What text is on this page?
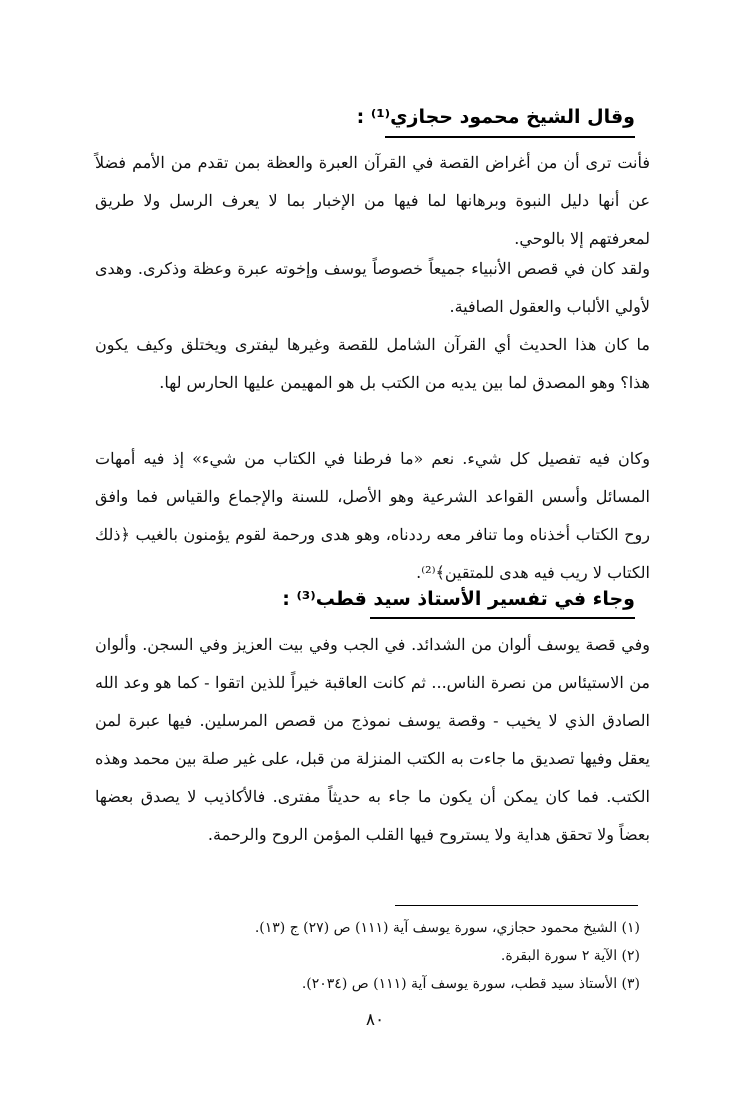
وقال الشيخ محمود حجازي⁽¹⁾ :

فأنت ترى أن من أغراض القصة في القرآن العبرة والعظة بمن تقدم من الأمم فضلاً عن أنها دليل النبوة وبرهانها لما فيها من الإخبار بما لا يعرف الرسل ولا طريق لمعرفتهم إلا بالوحي.

ولقد كان في قصص الأنبياء جميعاً خصوصاً يوسف وإخوته عبرة وعظة وذكرى. وهدى لأولي الألباب والعقول الصافية.

ما كان هذا الحديث أي القرآن الشامل للقصة وغيرها ليفترى ويختلق وكيف يكون هذا؟ وهو المصدق لما بين يديه من الكتب بل هو المهيمن عليها الحارس لها.

وكان فيه تفصيل كل شيء. نعم «ما فرطنا في الكتاب من شيء» إذ فيه أمهات المسائل وأسس القواعد الشرعية وهو الأصل، للسنة والإجماع والقياس فما وافق روح الكتاب أخذناه وما تنافر معه رددناه، وهو هدى ورحمة لقوم يؤمنون بالغيب ﴿ذلك الكتاب لا ريب فيه هدى للمتقين﴾⁽²⁾.

وجاء في تفسير الأستاذ سيد قطب⁽³⁾ :

وفي قصة يوسف ألوان من الشدائد. في الجب وفي بيت العزيز وفي السجن. وألوان من الاستيئاس من نصرة الناس... ثم كانت العاقبة خيراً للذين اتقوا - كما هو وعد الله الصادق الذي لا يخيب - وقصة يوسف نموذج من قصص المرسلين. فيها عبرة لمن يعقل وفيها تصديق ما جاءت به الكتب المنزلة من قبل، على غير صلة بين محمد وهذه الكتب. فما كان يمكن أن يكون ما جاء به حديثاً مفترى. فالأكاذيب لا يصدق بعضها بعضاً ولا تحقق هداية ولا يستروح فيها القلب المؤمن الروح والرحمة.

(١) الشيخ محمود حجازي، سورة يوسف آية (١١١) ص (٢٧) ج (١٣).
(٢) الآية ٢ سورة البقرة.
(٣) الأستاذ سيد قطب، سورة يوسف آية (١١١) ص (٢٠٣٤).
٨٠
